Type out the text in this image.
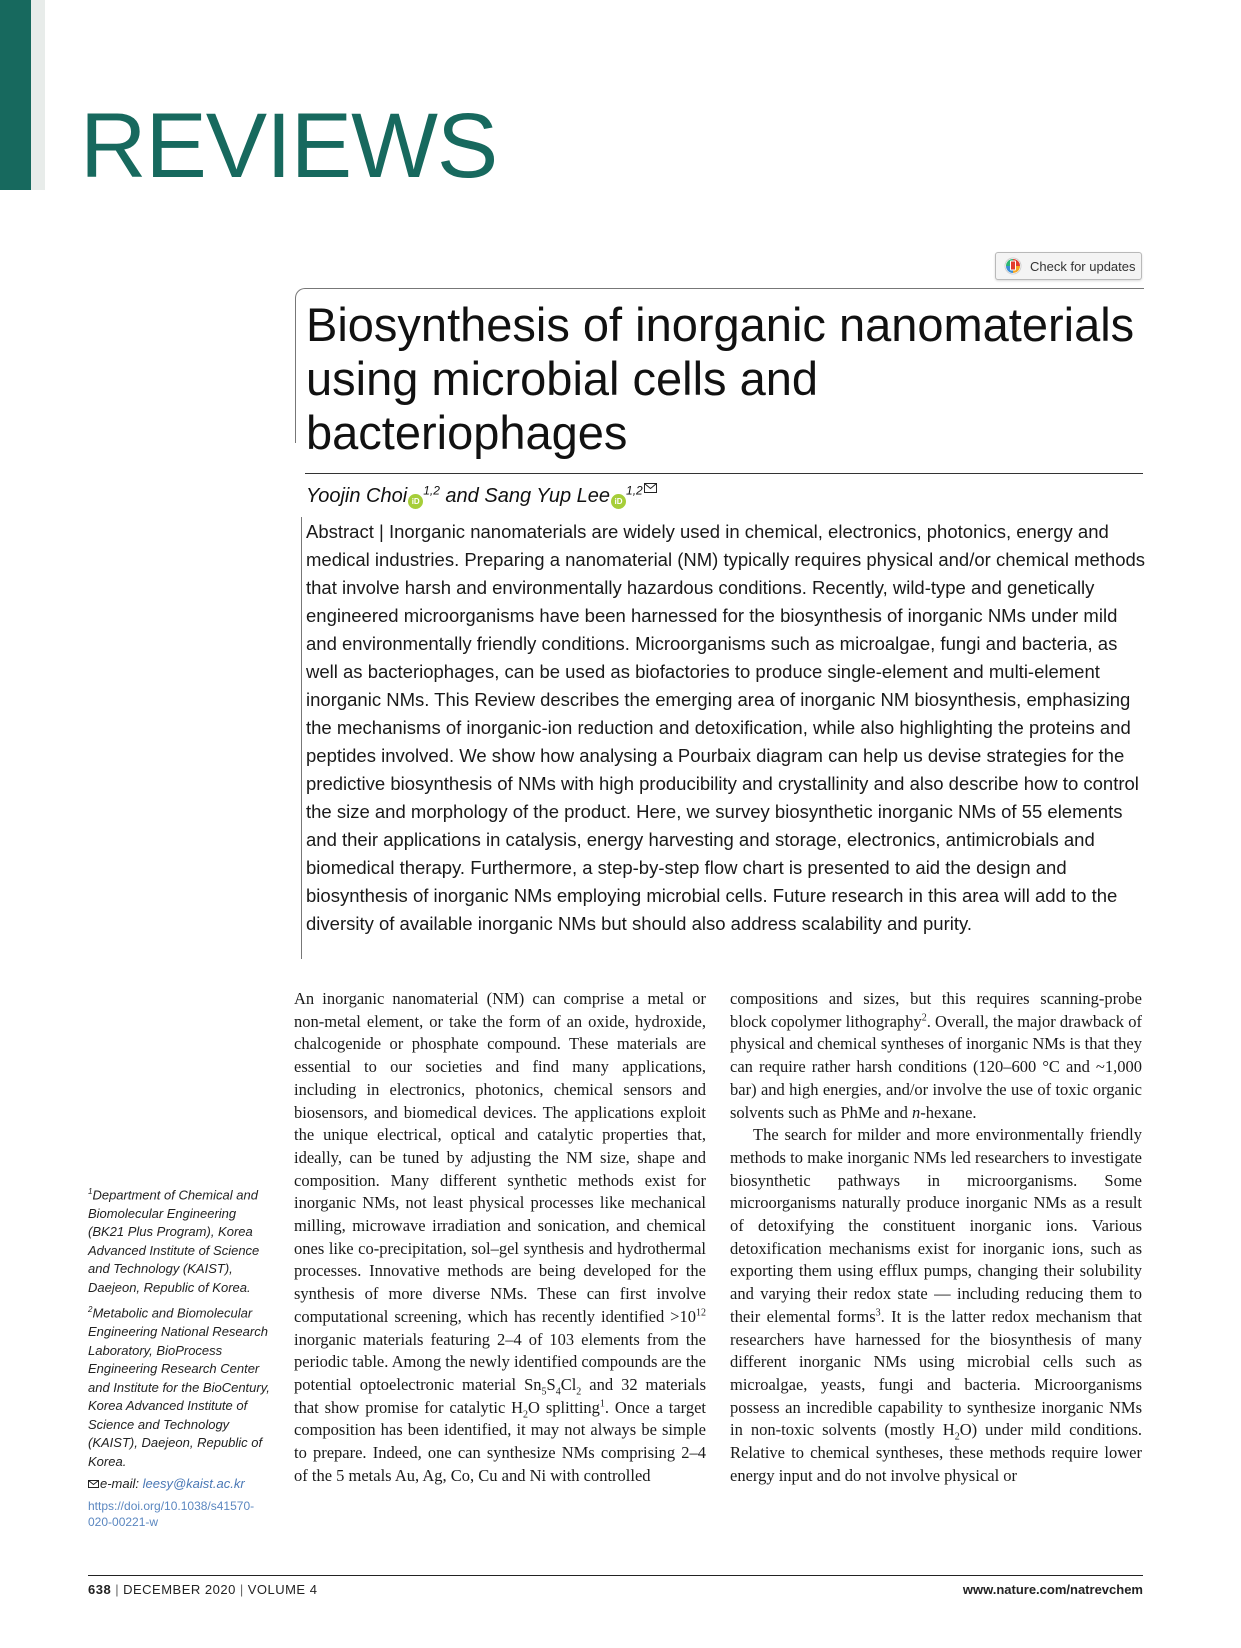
REVIEWS
Check for updates
Biosynthesis of inorganic nanomaterials using microbial cells and bacteriophages
Yoojin Choi iD$^{1,2}$ and Sang Yup Lee iD$^{1,2}$

Abstract | Inorganic nanomaterials are widely used in chemical, electronics, photonics, energy and medical industries. Preparing a nanomaterial (NM) typically requires physical and/or chemical methods that involve harsh and environmentally hazardous conditions. Recently, wild-type and genetically engineered microorganisms have been harnessed for the biosynthesis of inorganic NMs under mild and environmentally friendly conditions. Microorganisms such as microalgae, fungi and bacteria, as well as bacteriophages, can be used as biofactories to produce single-element and multi-element inorganic NMs. This Review describes the emerging area of inorganic NM biosynthesis, emphasizing the mechanisms of inorganic-ion reduction and detoxification, while also highlighting the proteins and peptides involved. We show how analysing a Pourbaix diagram can help us devise strategies for the predictive biosynthesis of NMs with high producibility and crystallinity and also describe how to control the size and morphology of the product. Here, we survey biosynthetic inorganic NMs of 55 elements and their applications in catalysis, energy harvesting and storage, electronics, antimicrobials and biomedical therapy. Furthermore, a step-by-step flow chart is presented to aid the design and biosynthesis of inorganic NMs employing microbial cells. Future research in this area will add to the diversity of available inorganic NMs but should also address scalability and purity.

An inorganic nanomaterial (NM) can comprise a metal or non-metal element, or take the form of an oxide, hydroxide, chalcogenide or phosphate compound. These materials are essential to our societies and find many applications, including in electronics, photonics, chemical sensors and biosensors, and biomedical devices. The applications exploit the unique electrical, optical and catalytic properties that, ideally, can be tuned by adjusting the NM size, shape and composition. Many different synthetic methods exist for inorganic NMs, not least physical processes like mechanical milling, microwave irradiation and sonication, and chemical ones like co-precipitation, sol–gel synthesis and hydrothermal processes. Innovative methods are being developed for the synthesis of more diverse NMs. These can first involve computational screening, which has recently identified $>10^{12}$ inorganic materials featuring 2–4 of 103 elements from the periodic table. Among the newly identified compounds are the potential optoelectronic material $Sn_5S_4Cl_2$ and 32 materials that show promise for catalytic $H_2O$ splitting$^1$. Once a target composition has been identified, it may not always be simple to prepare. Indeed, one can synthesize NMs comprising 2–4 of the 5 metals Au, Ag, Co, Cu and Ni with controlled

compositions and sizes, but this requires scanning-probe block copolymer lithography$^2$. Overall, the major drawback of physical and chemical syntheses of inorganic NMs is that they can require rather harsh conditions (120–600 °C and ~1,000 bar) and high energies, and/or involve the use of toxic organic solvents such as PhMe and n-hexane.

The search for milder and more environmentally friendly methods to make inorganic NMs led researchers to investigate biosynthetic pathways in microorganisms. Some microorganisms naturally produce inorganic NMs as a result of detoxifying the constituent inorganic ions. Various detoxification mechanisms exist for inorganic ions, such as exporting them using efflux pumps, changing their solubility and varying their redox state — including reducing them to their elemental forms$^3$. It is the latter redox mechanism that researchers have harnessed for the biosynthesis of many different inorganic NMs using microbial cells such as microalgae, yeasts, fungi and bacteria. Microorganisms possess an incredible capability to synthesize inorganic NMs in non-toxic solvents (mostly $H_2O$) under mild conditions. Relative to chemical syntheses, these methods require lower energy input and do not involve physical or

$^1$Department of Chemical and Biomolecular Engineering (BK21 Plus Program), Korea Advanced Institute of Science and Technology (KAIST), Daejeon, Republic of Korea.

$^2$Metabolic and Biomolecular Engineering National Research Laboratory, BioProcess Engineering Research Center and Institute for the BioCentury, Korea Advanced Institute of Science and Technology (KAIST), Daejeon, Republic of Korea.

e-mail: leesy@kaist.ac.kr

https://doi.org/10.1038/s41570-020-00221-w

638 | DECEMBER 2020 | VOLUME 4	www.nature.com/natrevchem
